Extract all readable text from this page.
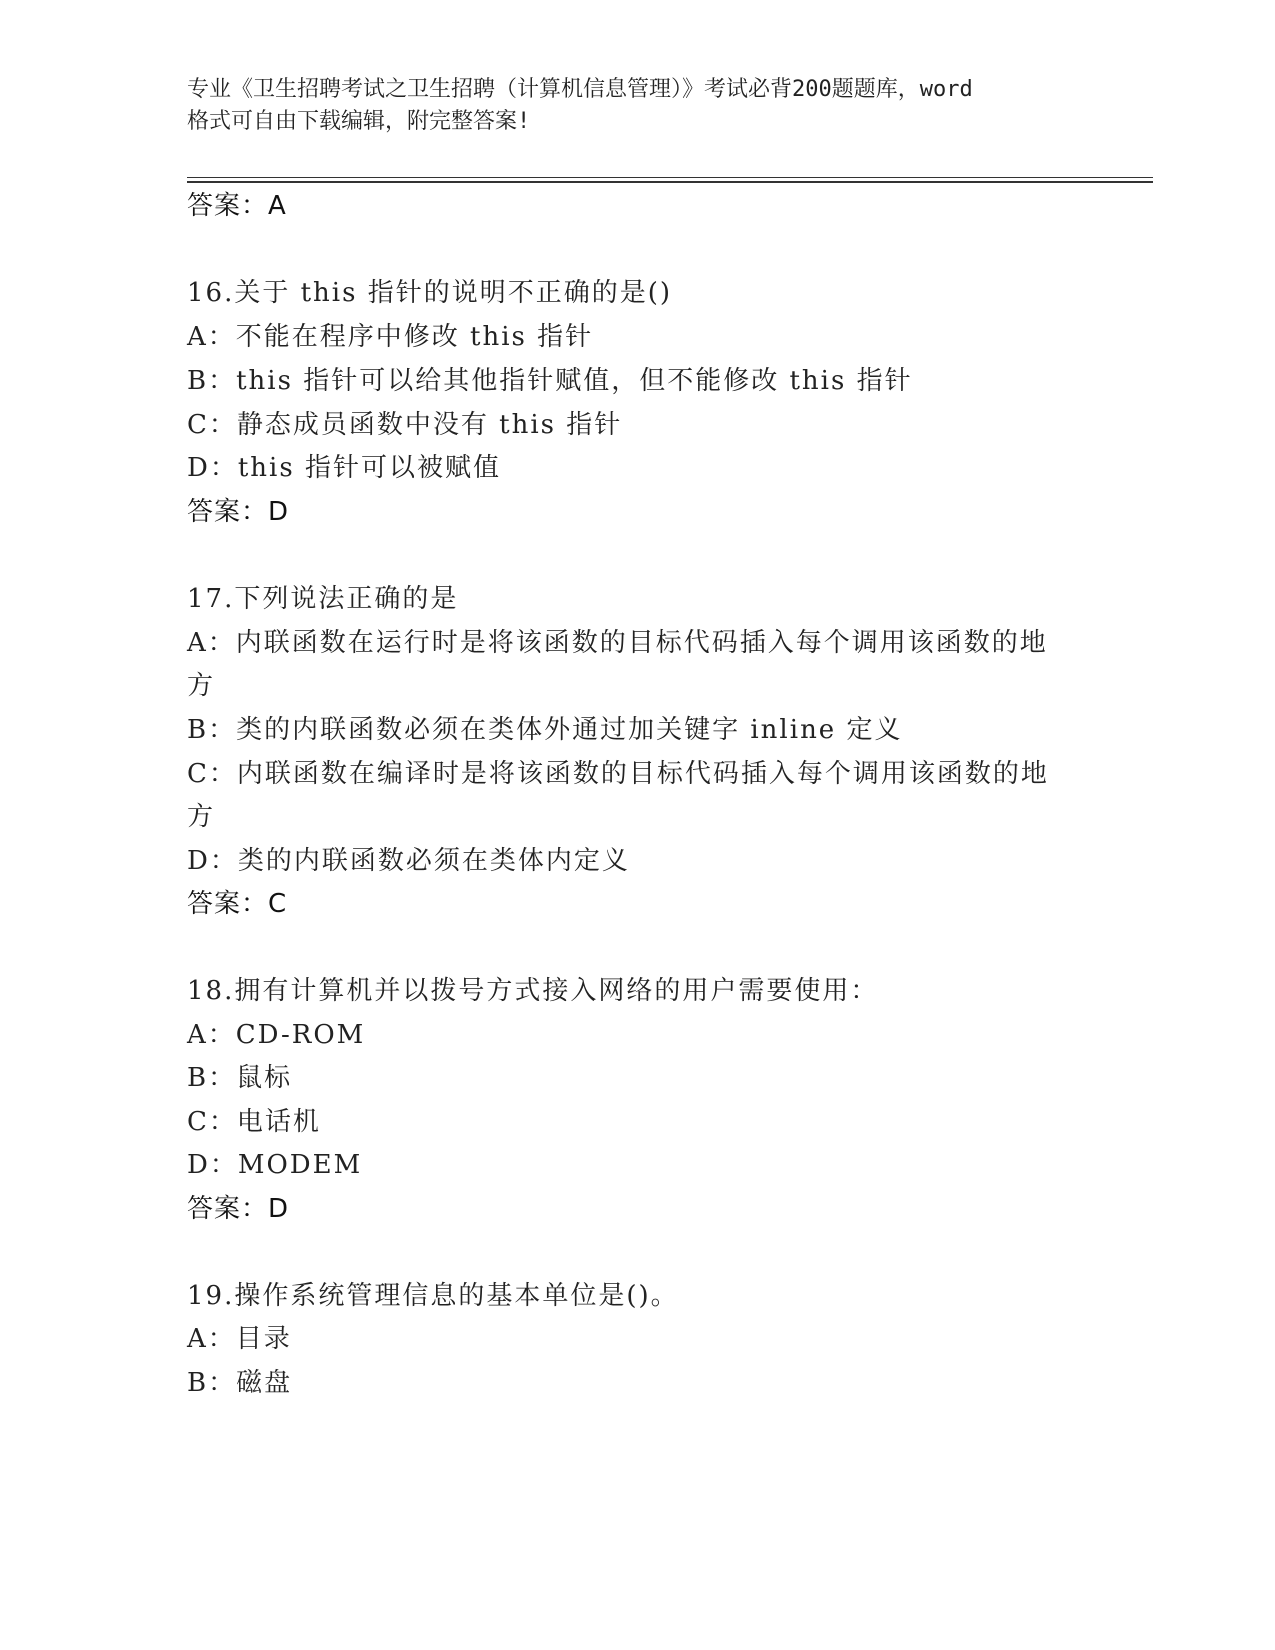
专业《卫生招聘考试之卫生招聘（计算机信息管理）》考试必背200题题库，word
格式可自由下载编辑，附完整答案!
答案：A
16.关于 this 指针的说明不正确的是()
A：不能在程序中修改 this 指针
B：this 指针可以给其他指针赋值，但不能修改 this 指针
C：静态成员函数中没有 this 指针
D：this 指针可以被赋值
答案：D
17.下列说法正确的是
A：内联函数在运行时是将该函数的目标代码插入每个调用该函数的地
方
B：类的内联函数必须在类体外通过加关键字 inline 定义
C：内联函数在编译时是将该函数的目标代码插入每个调用该函数的地
方
D：类的内联函数必须在类体内定义
答案：C
18.拥有计算机并以拨号方式接入网络的用户需要使用：
A：CD-ROM
B：鼠标
C：电话机
D：MODEM
答案：D
19.操作系统管理信息的基本单位是()。
A：目录
B：磁盘
